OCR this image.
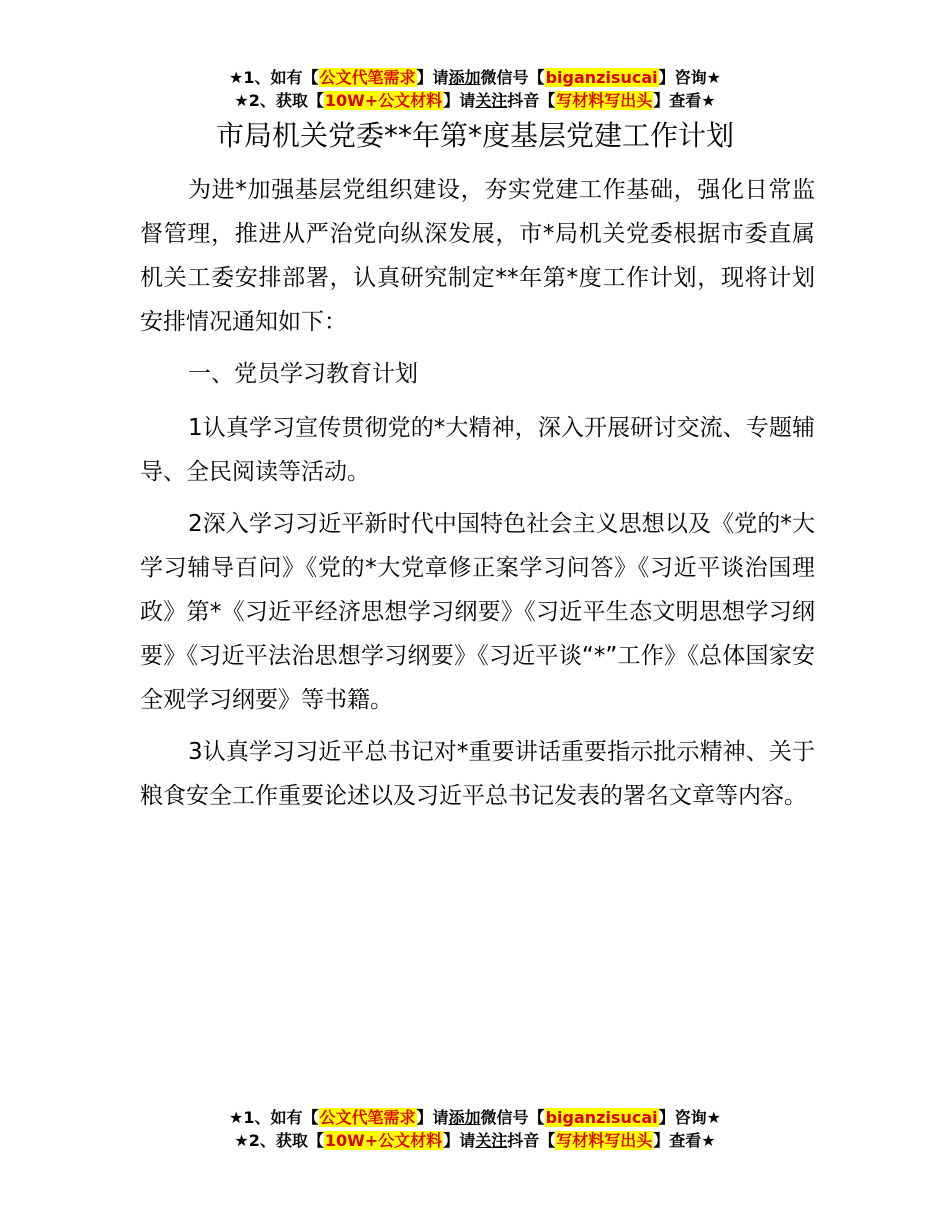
★1、如有【公文代笔需求】请添加微信号【biganzisucai】咨询★
★2、获取【10W+公文材料】请关注抖音【写材料写出头】查看★
市局机关党委**年第*度基层党建工作计划

为进*加强基层党组织建设，夯实党建工作基础，强化日常监督管理，推进从严治党向纵深发展，市*局机关党委根据市委直属机关工委安排部署，认真研究制定**年第*度工作计划，现将计划安排情况通知如下：

一、党员学习教育计划

1认真学习宣传贯彻党的*大精神，深入开展研讨交流、专题辅导、全民阅读等活动。

2深入学习习近平新时代中国特色社会主义思想以及《党的*大学习辅导百问》《党的*大党章修正案学习问答》《习近平谈治国理政》第*《习近平经济思想学习纲要》《习近平生态文明思想学习纲要》《习近平法治思想学习纲要》《习近平谈“*”工作》《总体国家安全观学习纲要》等书籍。

3认真学习习近平总书记对*重要讲话重要指示批示精神、关于粮食安全工作重要论述以及习近平总书记发表的署名文章等内容。

★1、如有【公文代笔需求】请添加微信号【biganzisucai】咨询★
★2、获取【10W+公文材料】请关注抖音【写材料写出头】查看★
